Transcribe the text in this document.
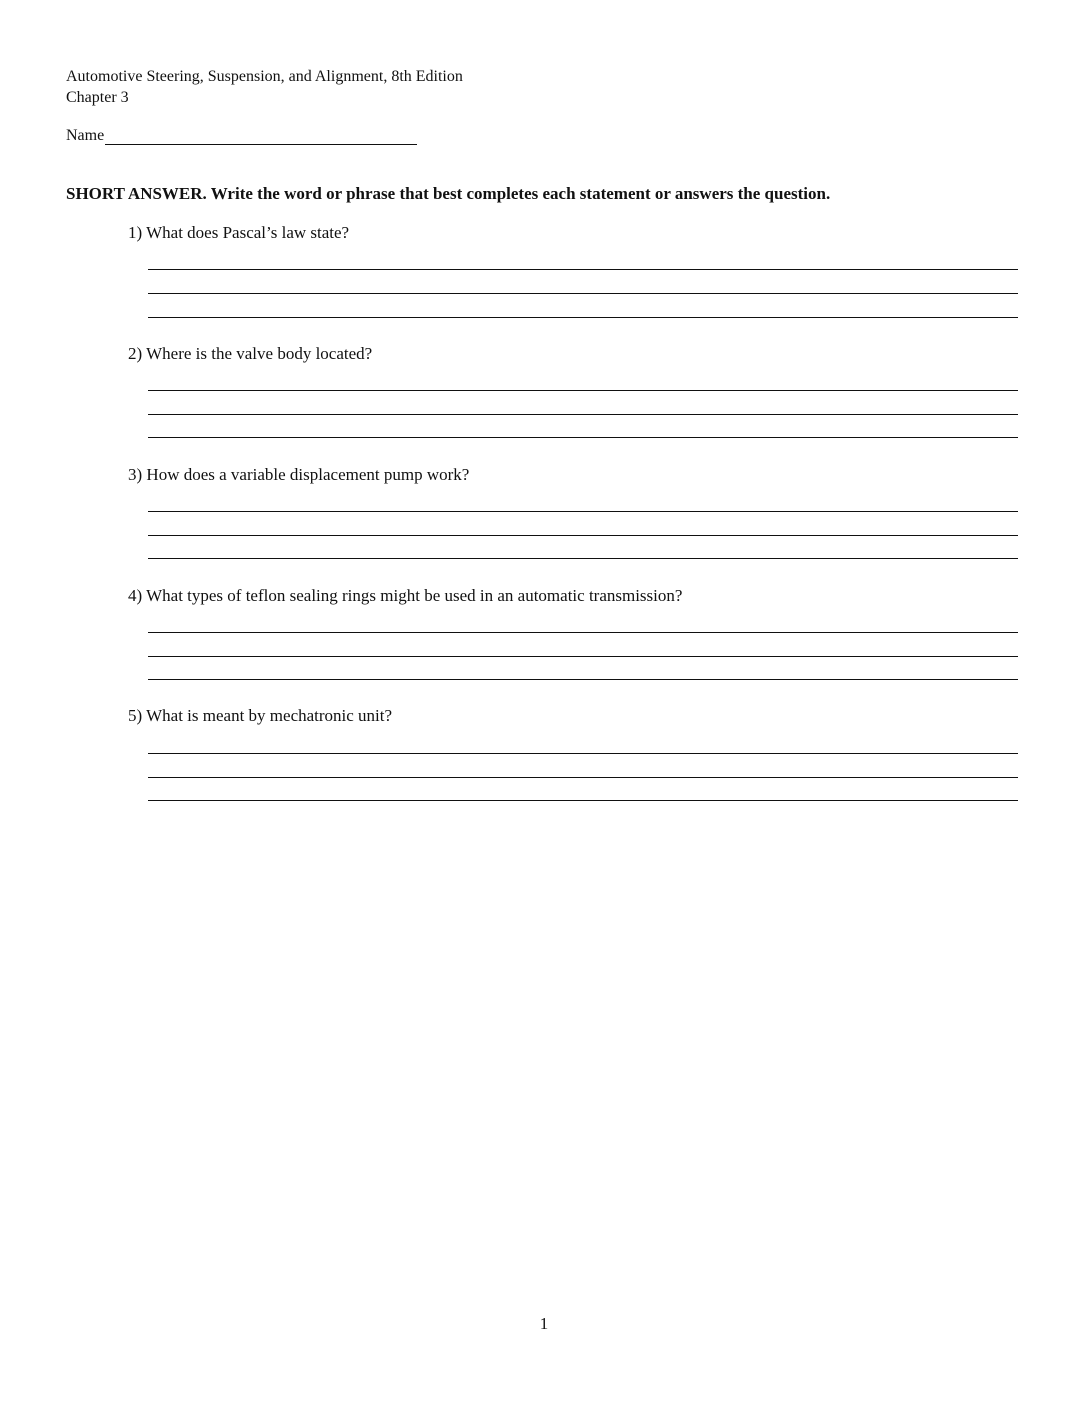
Automotive Steering, Suspension, and Alignment, 8th Edition
Chapter 3
Name
SHORT ANSWER. Write the word or phrase that best completes each statement or answers the question.
1) What does Pascal’s law state?
2) Where is the valve body located?
3) How does a variable displacement pump work?
4) What types of teflon sealing rings might be used in an automatic transmission?
5) What is meant by mechatronic unit?
1
